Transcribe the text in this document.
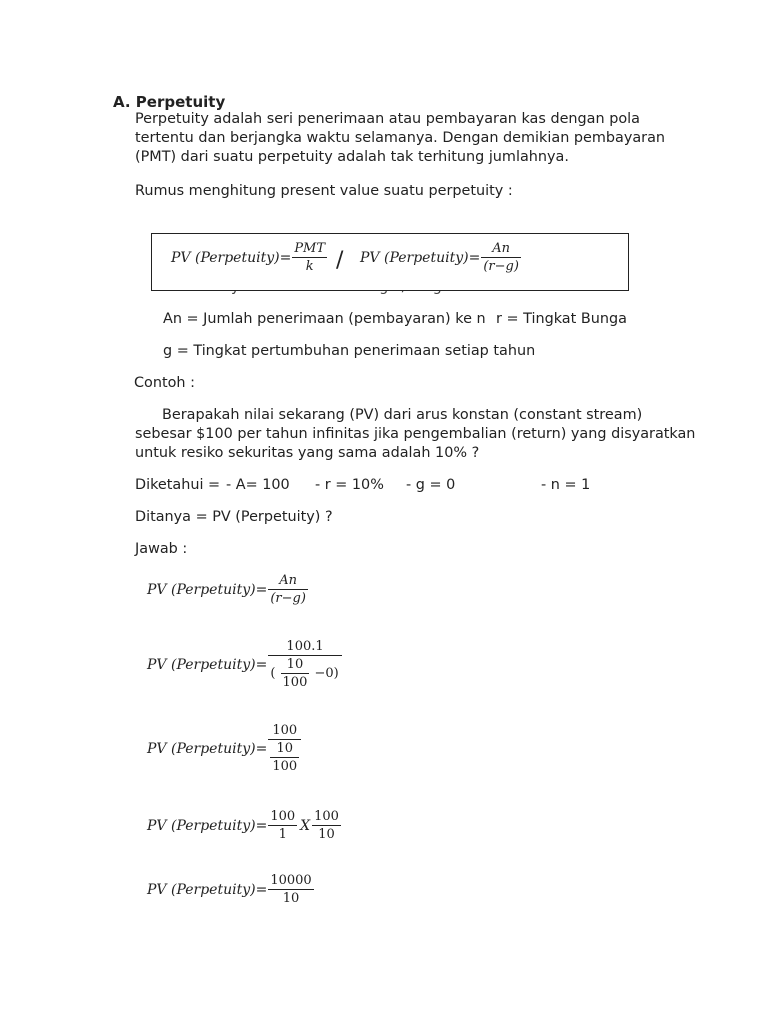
A. Perpetuity
Perpetuity adalah seri penerimaan atau pembayaran kas dengan pola
tertentu dan berjangka waktu selamanya. Dengan demikian pembayaran
(PMT) dari suatu perpetuity adalah tak terhitung jumlahnya.
Rumus menghitung present value suatu perpetuity :
PV (Perpetuity)= $\frac{\text{PMT}}{k}$ / PV (Perpetuity)= $\frac{An}{(r-g)}$
An = Jumlah penerimaan (pembayaran) ke n r = Tingkat Bunga
g = Tingkat pertumbuhan penerimaan setiap tahun
Contoh :
Berapakah nilai sekarang (PV) dari arus konstan (constant stream)
sebesar $100 per tahun infinitas jika pengembalian (return) yang disyaratkan
untuk resiko sekuritas yang sama adalah 10% ?
Diketahui = - A= 100 - r = 10% - g = 0	- n = 1
Ditanya = PV (Perpetuity) ?
Jawab :
PV (Perpetuity)= $\frac{An}{(r-g)}$
PV (Perpetuity)= $\frac{100.1}{( \frac{10}{100} -0)}$
PV (Perpetuity)= $\frac{100}{\frac{10}{100}}$
PV (Perpetuity)= $\frac{100}{1}$ X $\frac{100}{10}$
PV (Perpetuity)= $\frac{10000}{10}$
